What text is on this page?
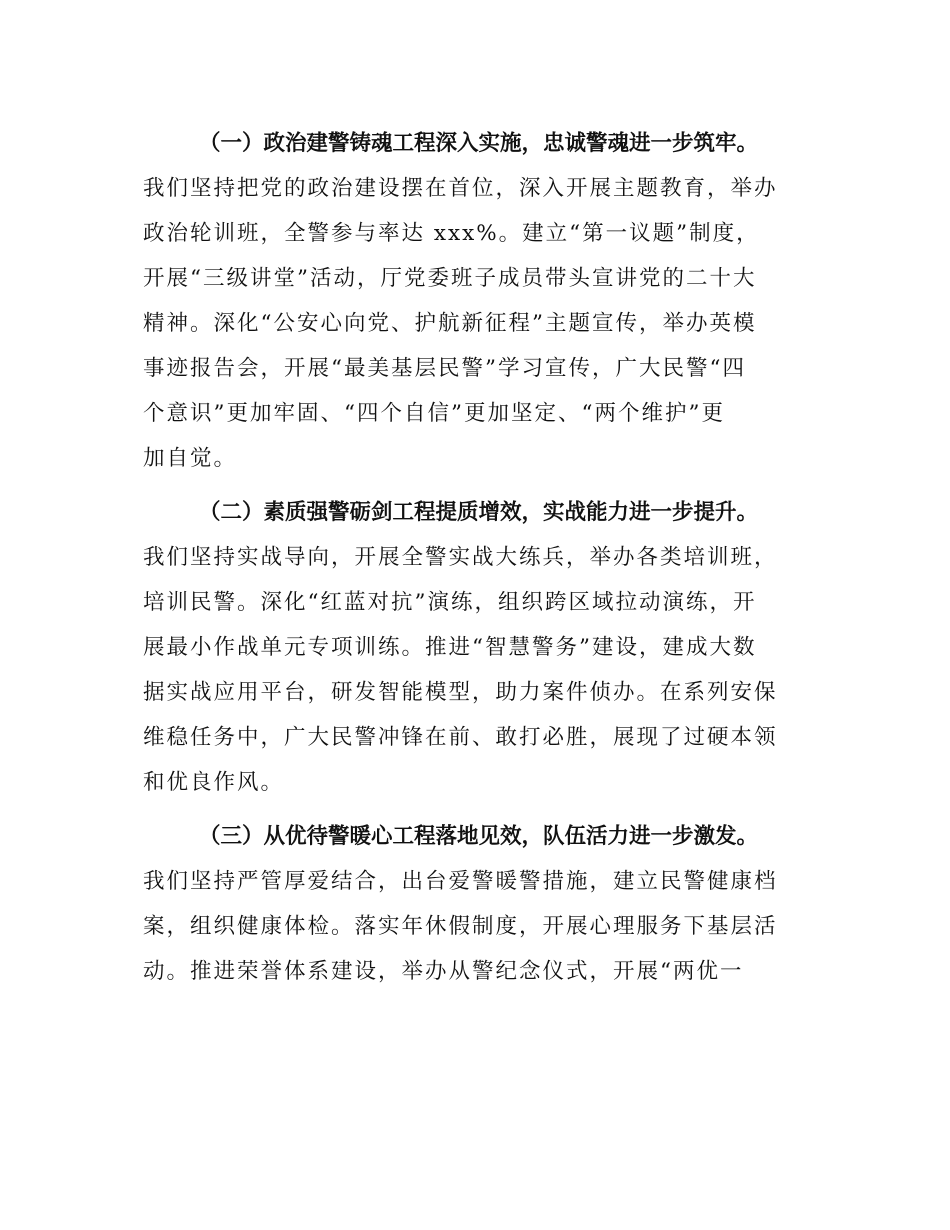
（一）政治建警铸魂工程深入实施，忠诚警魂进一步筑牢。

我们坚持把党的政治建设摆在首位，深入开展主题教育，举办

政治轮训班，全警参与率达 xxx%。建立“第一议题”制度，

开展“三级讲堂”活动，厅党委班子成员带头宣讲党的二十大

精神。深化“公安心向党、护航新征程”主题宣传，举办英模

事迹报告会，开展“最美基层民警”学习宣传，广大民警“四

个意识”更加牢固、“四个自信”更加坚定、“两个维护”更

加自觉。

（二）素质强警砺剑工程提质增效，实战能力进一步提升。

我们坚持实战导向，开展全警实战大练兵，举办各类培训班，

培训民警。深化“红蓝对抗”演练，组织跨区域拉动演练，开

展最小作战单元专项训练。推进“智慧警务”建设，建成大数

据实战应用平台，研发智能模型，助力案件侦办。在系列安保

维稳任务中，广大民警冲锋在前、敢打必胜，展现了过硬本领

和优良作风。

（三）从优待警暖心工程落地见效，队伍活力进一步激发。

我们坚持严管厚爱结合，出台爱警暖警措施，建立民警健康档

案，组织健康体检。落实年休假制度，开展心理服务下基层活

动。推进荣誉体系建设，举办从警纪念仪式，开展“两优一
